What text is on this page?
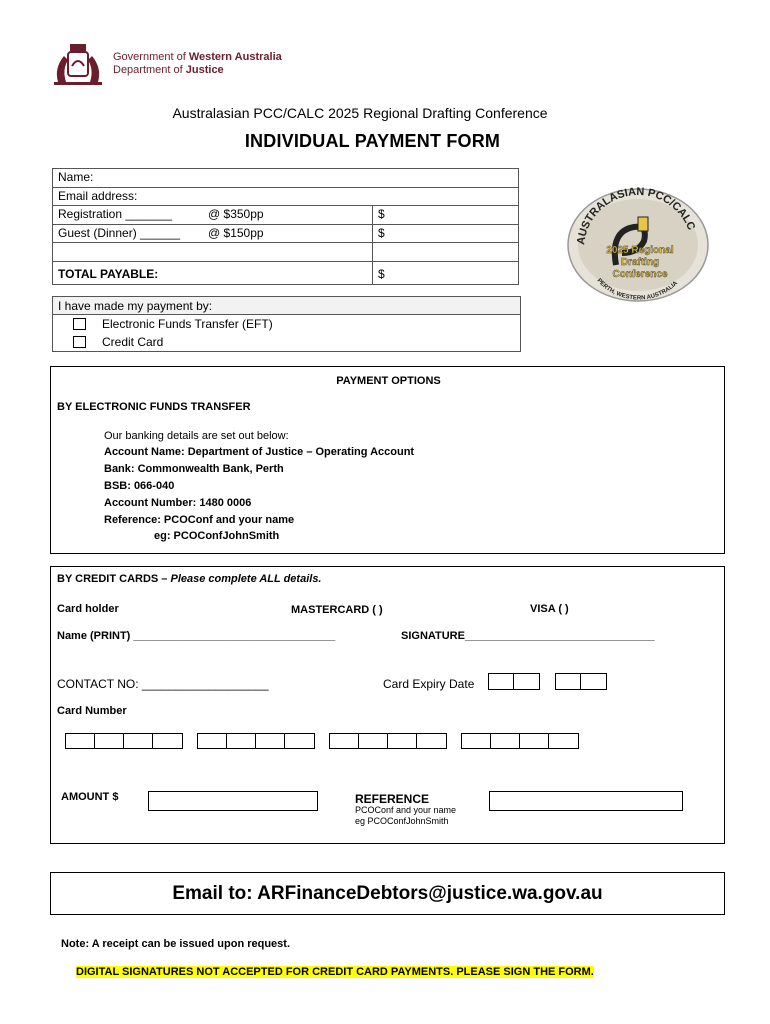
Government of Western Australia
Department of Justice
Australasian PCC/CALC 2025 Regional Drafting Conference
INDIVIDUAL PAYMENT FORM
Name:
Email address:
Registration _______	@ $350pp	$
Guest (Dinner) ______ @ $150pp	$
TOTAL PAYABLE:	$
I have made my payment by:
Electronic Funds Transfer (EFT)
Credit Card
AUSTRALASIAN PCC/CALC
2025 Regional
Drafting
Conference
PERTH, WESTERN AUSTRALIA
PAYMENT OPTIONS
BY ELECTRONIC FUNDS TRANSFER
Our banking details are set out below:
Account Name: Department of Justice – Operating Account
Bank: Commonwealth Bank, Perth
BSB: 066-040
Account Number: 1480 0006
Reference: PCOConf and your name
eg: PCOConfJohnSmith
BY CREDIT CARDS – Please complete ALL details.
Card holder	MASTERCARD ( )	VISA ( )
Name (PRINT) _________________________________	SIGNATURE_______________________________
CONTACT NO: ___________________	Card Expiry Date
Card Number
AMOUNT $	REFERENCE
PCOConf and your name
eg PCOConfJohnSmith
Email to: ARFinanceDebtors@justice.wa.gov.au
Note: A receipt can be issued upon request.
DIGITAL SIGNATURES NOT ACCEPTED FOR CREDIT CARD PAYMENTS. PLEASE SIGN THE FORM.
